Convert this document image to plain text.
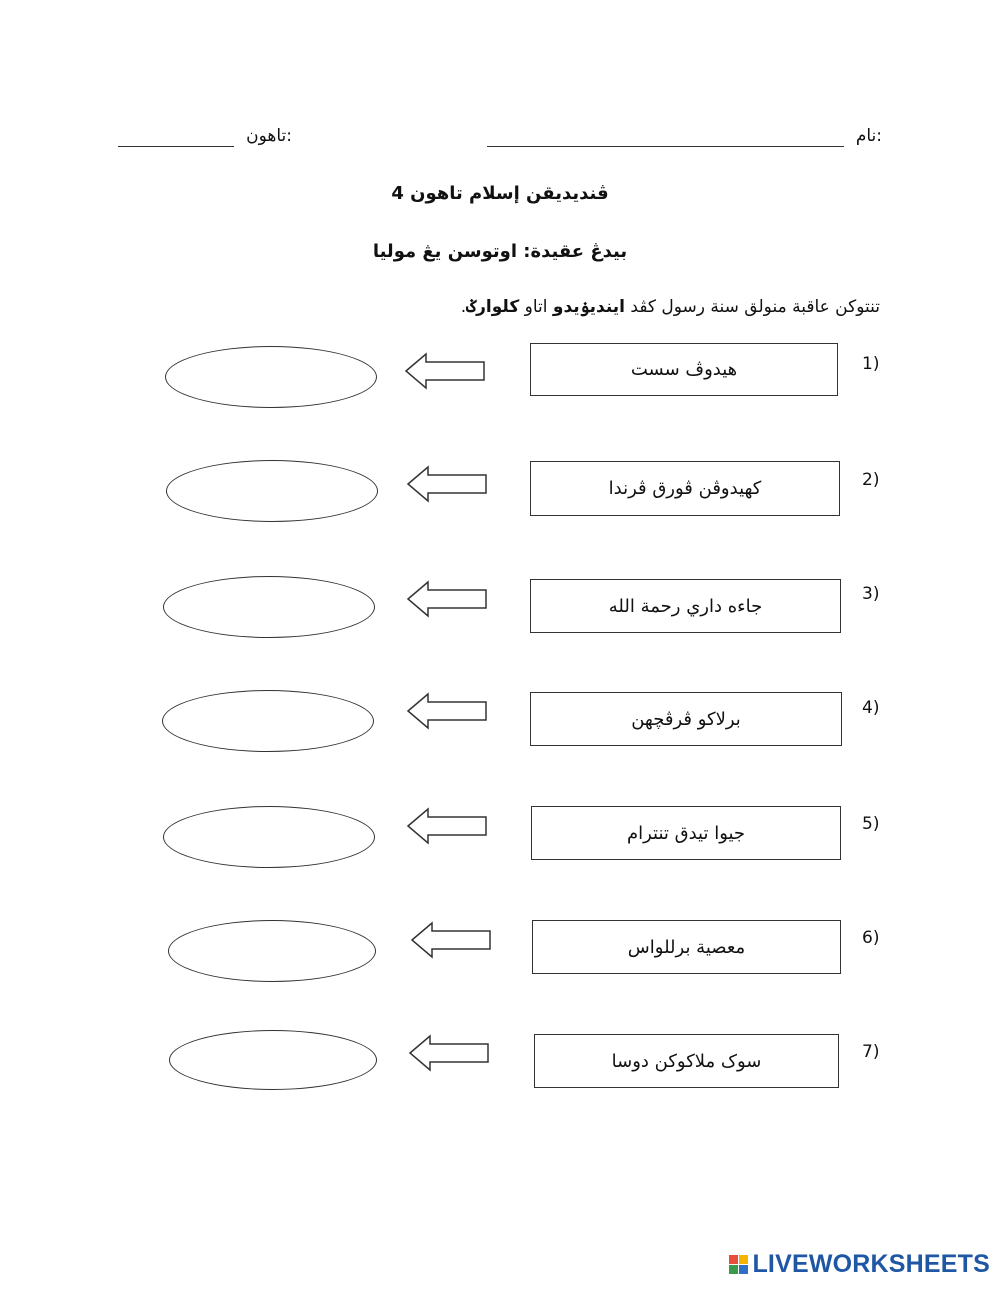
نام:
تاهون:
ڤنديديقن إسلام تاهون 4
بيدڠ عقيدة: اوتوسن يڠ موليا
تنتوكن عاقبة منولق سنة رسول كڤد ايندیۏیدو اتاو كلوارݢ.
1)
هيدوڤ سست
2)
كهيدوڤن ڤورق ڤرندا
3)
جاءه داري رحمة الله
4)
برلاكو ڤرڤچهن
5)
جيوا تيدق تنترام
6)
معصية برللواس
7)
سوک ملاكوكن دوسا
LIVEWORKSHEETS
